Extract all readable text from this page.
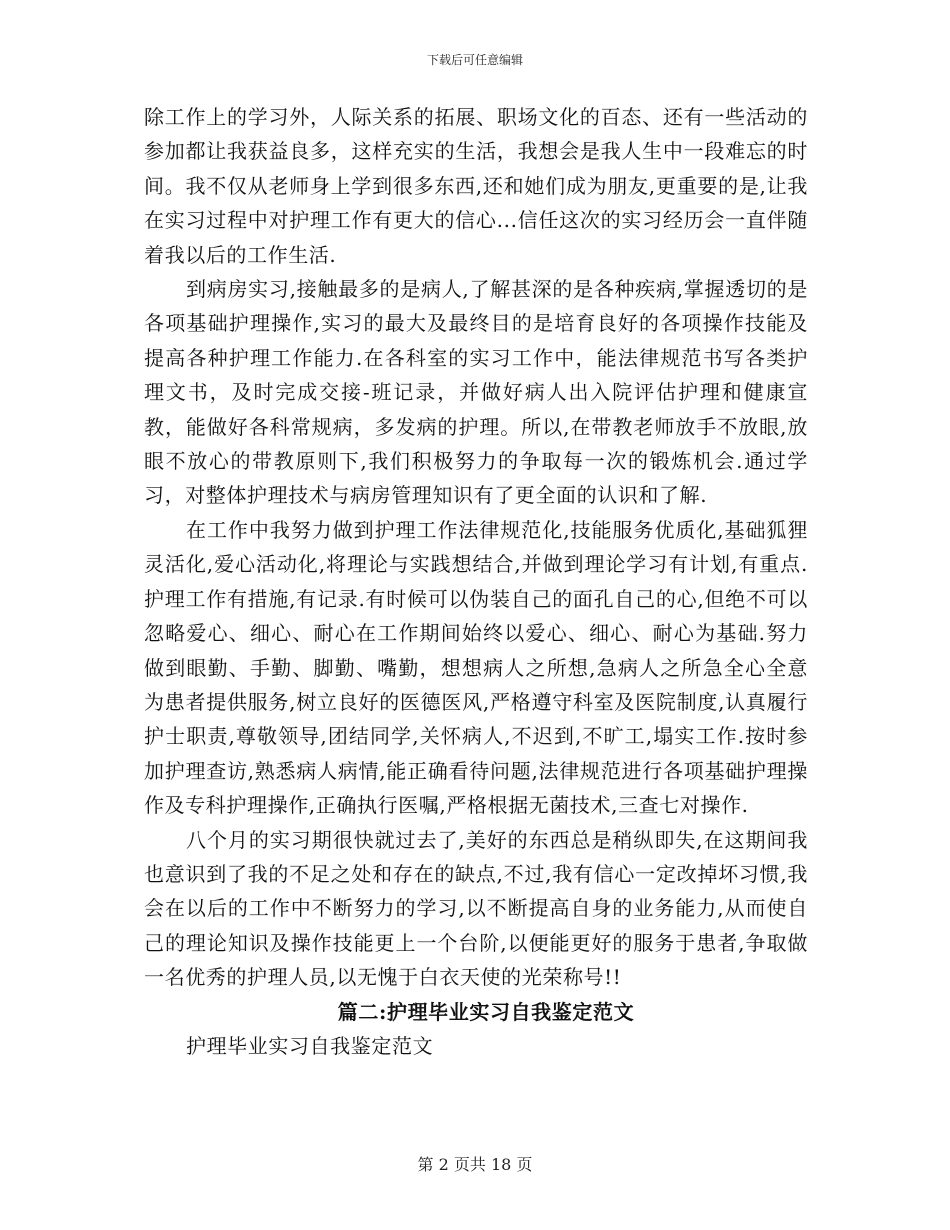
下载后可任意编辑

除工作上的学习外，人际关系的拓展、职场文化的百态、还有一些活动的参加都让我获益良多，这样充实的生活，我想会是我人生中一段难忘的时间。我不仅从老师身上学到很多东西,还和她们成为朋友,更重要的是,让我在实习过程中对护理工作有更大的信心...信任这次的实习经历会一直伴随着我以后的工作生活.

到病房实习,接触最多的是病人,了解甚深的是各种疾病,掌握透切的是各项基础护理操作,实习的最大及最终目的是培育良好的各项操作技能及提高各种护理工作能力.在各科室的实习工作中，能法律规范书写各类护理文书，及时完成交接-班记录，并做好病人出入院评估护理和健康宣教，能做好各科常规病，多发病的护理。所以,在带教老师放手不放眼,放眼不放心的带教原则下,我们积极努力的争取每一次的锻炼机会.通过学习，对整体护理技术与病房管理知识有了更全面的认识和了解.

在工作中我努力做到护理工作法律规范化,技能服务优质化,基础狐狸灵活化,爱心活动化,将理论与实践想结合,并做到理论学习有计划,有重点.护理工作有措施,有记录.有时候可以伪装自己的面孔自己的心,但绝不可以忽略爱心、细心、耐心在工作期间始终以爱心、细心、耐心为基础.努力做到眼勤、手勤、脚勤、嘴勤，想想病人之所想,急病人之所急全心全意为患者提供服务,树立良好的医德医风,严格遵守科室及医院制度,认真履行护士职责,尊敬领导,团结同学,关怀病人,不迟到,不旷工,塌实工作.按时参加护理查访,熟悉病人病情,能正确看待问题,法律规范进行各项基础护理操作及专科护理操作,正确执行医嘱,严格根据无菌技术,三查七对操作.

八个月的实习期很快就过去了,美好的东西总是稍纵即失,在这期间我也意识到了我的不足之处和存在的缺点,不过,我有信心一定改掉坏习惯,我会在以后的工作中不断努力的学习,以不断提高自身的业务能力,从而使自己的理论知识及操作技能更上一个台阶,以便能更好的服务于患者,争取做一名优秀的护理人员,以无愧于白衣天使的光荣称号!!

篇二:护理毕业实习自我鉴定范文

护理毕业实习自我鉴定范文

第 2 页共 18 页
